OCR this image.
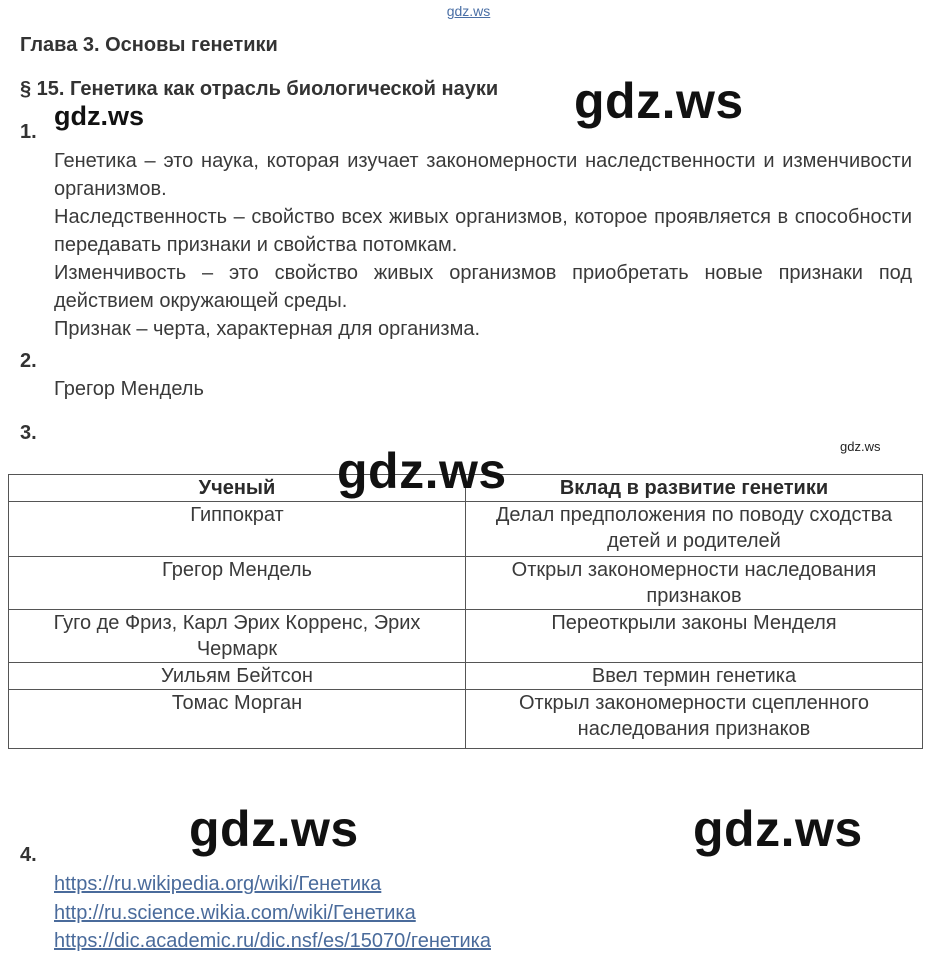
gdz.ws
Глава 3. Основы генетики
§ 15. Генетика как отрасль биологической науки gdz.ws
gdz.ws
1.
Генетика – это наука, которая изучает закономерности наследственности и изменчивости организмов.
Наследственность – свойство всех живых организмов, которое проявляется в способности передавать признаки и свойства потомкам.
Изменчивость – это свойство живых организмов приобретать новые признаки под действием окружающей среды.
Признак – черта, характерная для организма.
2.
Грегор Мендель
3.
gdz.ws
Ученый	Вклад в развитие генетики
Гиппократ	Делал предположения по поводу сходства детей и родителей
Грегор Мендель	Открыл закономерности наследования признаков
Гуго де Фриз, Карл Эрих Корренс, Эрих Чермарк	Переоткрыли законы Менделя
Уильям Бейтсон	Ввел термин генетика
Томас Морган	Открыл закономерности сцепленного наследования признаков
gdz.ws
gdz.ws	gdz.ws
4.
https://ru.wikipedia.org/wiki/Генетика
http://ru.science.wikia.com/wiki/Генетика
https://dic.academic.ru/dic.nsf/es/15070/генетика
